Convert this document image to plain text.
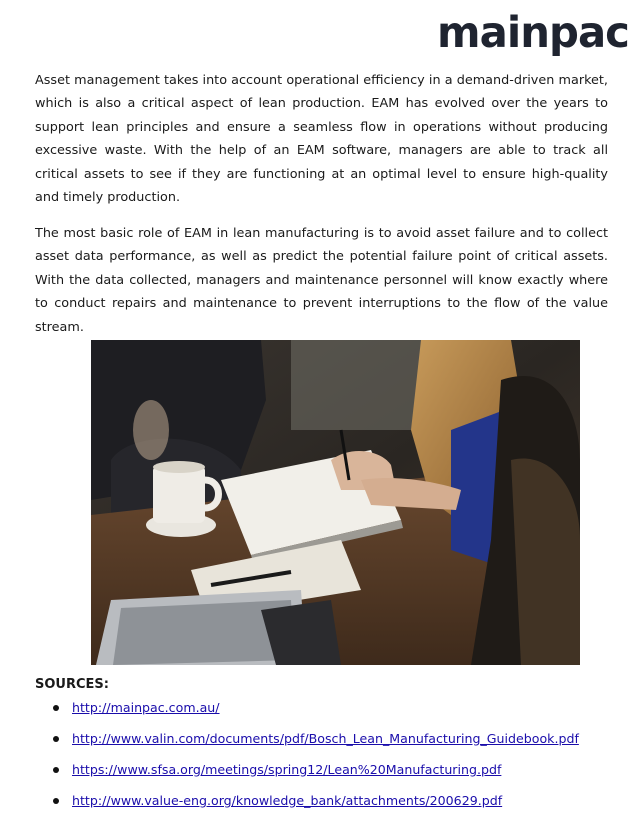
mainpac

Asset management takes into account operational efficiency in a demand-driven market, which is also a critical aspect of lean production. EAM has evolved over the years to support lean principles and ensure a seamless flow in operations without producing excessive waste. With the help of an EAM software, managers are able to track all critical assets to see if they are functioning at an optimal level to ensure high-quality and timely production.

The most basic role of EAM in lean manufacturing is to avoid asset failure and to collect asset data performance, as well as predict the potential failure point of critical assets. With the data collected, managers and maintenance personnel will know exactly where to conduct repairs and maintenance to prevent interruptions to the flow of the value stream.

SOURCES:

http://mainpac.com.au/
http://www.valin.com/documents/pdf/Bosch_Lean_Manufacturing_Guidebook.pdf
https://www.sfsa.org/meetings/spring12/Lean%20Manufacturing.pdf
http://www.value-eng.org/knowledge_bank/attachments/200629.pdf
